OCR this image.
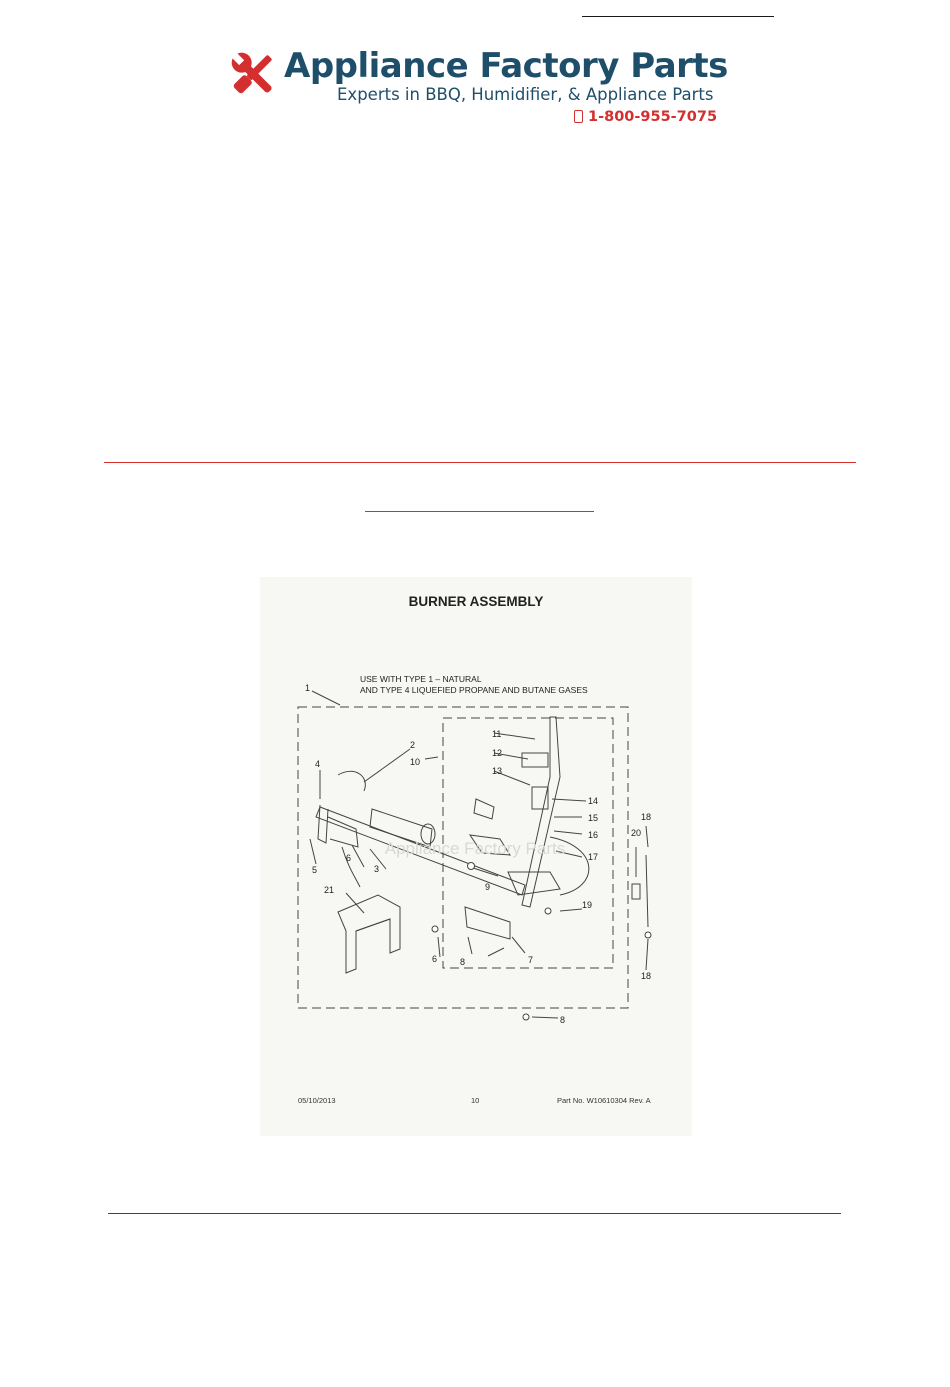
Appliance Factory Parts
Experts in BBQ, Humidifier, & Appliance Parts
1-800-955-7075
BURNER ASSEMBLY
USE WITH TYPE 1 – NATURAL
AND TYPE 4 LIQUEFIED PROPANE AND BUTANE GASES
Appliance Factory Parts
1
2
10
4
3
6
5
21
11
12
13
14
15
16
17
9
19
18
20
18
8	7
6
8
05/10/2013	10	Part No. W10610304 Rev. A
